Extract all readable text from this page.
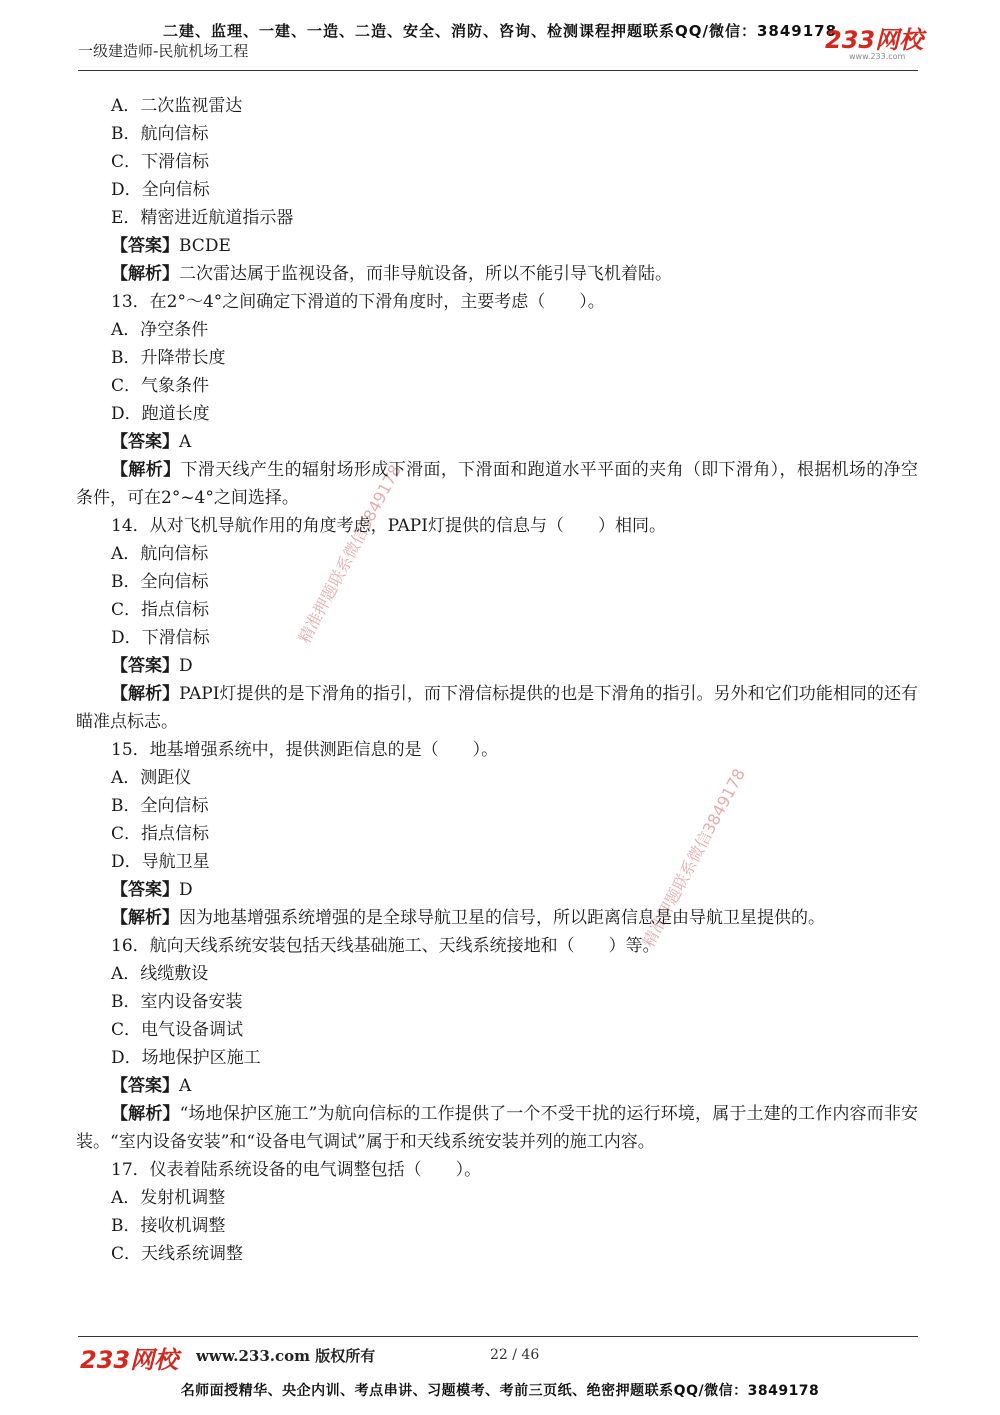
二建、监理、一建、一造、二造、安全、消防、咨询、检测课程押题联系QQ/微信：3849178
一级建造师-民航机场工程	233网校
www.233.com
精准押题联系微信3849178
精准押题联系微信3849178

A．二次监视雷达

B．航向信标

C．下滑信标

D．全向信标

E．精密进近航道指示器

【答案】BCDE

【解析】二次雷达属于监视设备，而非导航设备，所以不能引导飞机着陆。

13．在2°～4°之间确定下滑道的下滑角度时，主要考虑（　　）。

A．净空条件

B．升降带长度

C．气象条件

D．跑道长度

【答案】A

【解析】下滑天线产生的辐射场形成下滑面，下滑面和跑道水平平面的夹角（即下滑角），根据机场的净空条件，可在2°~4°之间选择。

14．从对飞机导航作用的角度考虑，PAPI灯提供的信息与（　　）相同。

A．航向信标

B．全向信标

C．指点信标

D．下滑信标

【答案】D

【解析】PAPI灯提供的是下滑角的指引，而下滑信标提供的也是下滑角的指引。另外和它们功能相同的还有瞄准点标志。

15．地基增强系统中，提供测距信息的是（　　）。

A．测距仪

B．全向信标

C．指点信标

D．导航卫星

【答案】D

【解析】因为地基增强系统增强的是全球导航卫星的信号，所以距离信息是由导航卫星提供的。

16．航向天线系统安装包括天线基础施工、天线系统接地和（　　）等。

A．线缆敷设

B．室内设备安装

C．电气设备调试

D．场地保护区施工

【答案】A

【解析】“场地保护区施工”为航向信标的工作提供了一个不受干扰的运行环境，属于土建的工作内容而非安装。“室内设备安装”和“设备电气调试”属于和天线系统安装并列的施工内容。

17．仪表着陆系统设备的电气调整包括（　　）。

A．发射机调整

B．接收机调整

C．天线系统调整

233网校 www.233.com 版权所有	22 / 46
名师面授精华、央企内训、考点串讲、习题模考、考前三页纸、绝密押题联系QQ/微信：3849178
